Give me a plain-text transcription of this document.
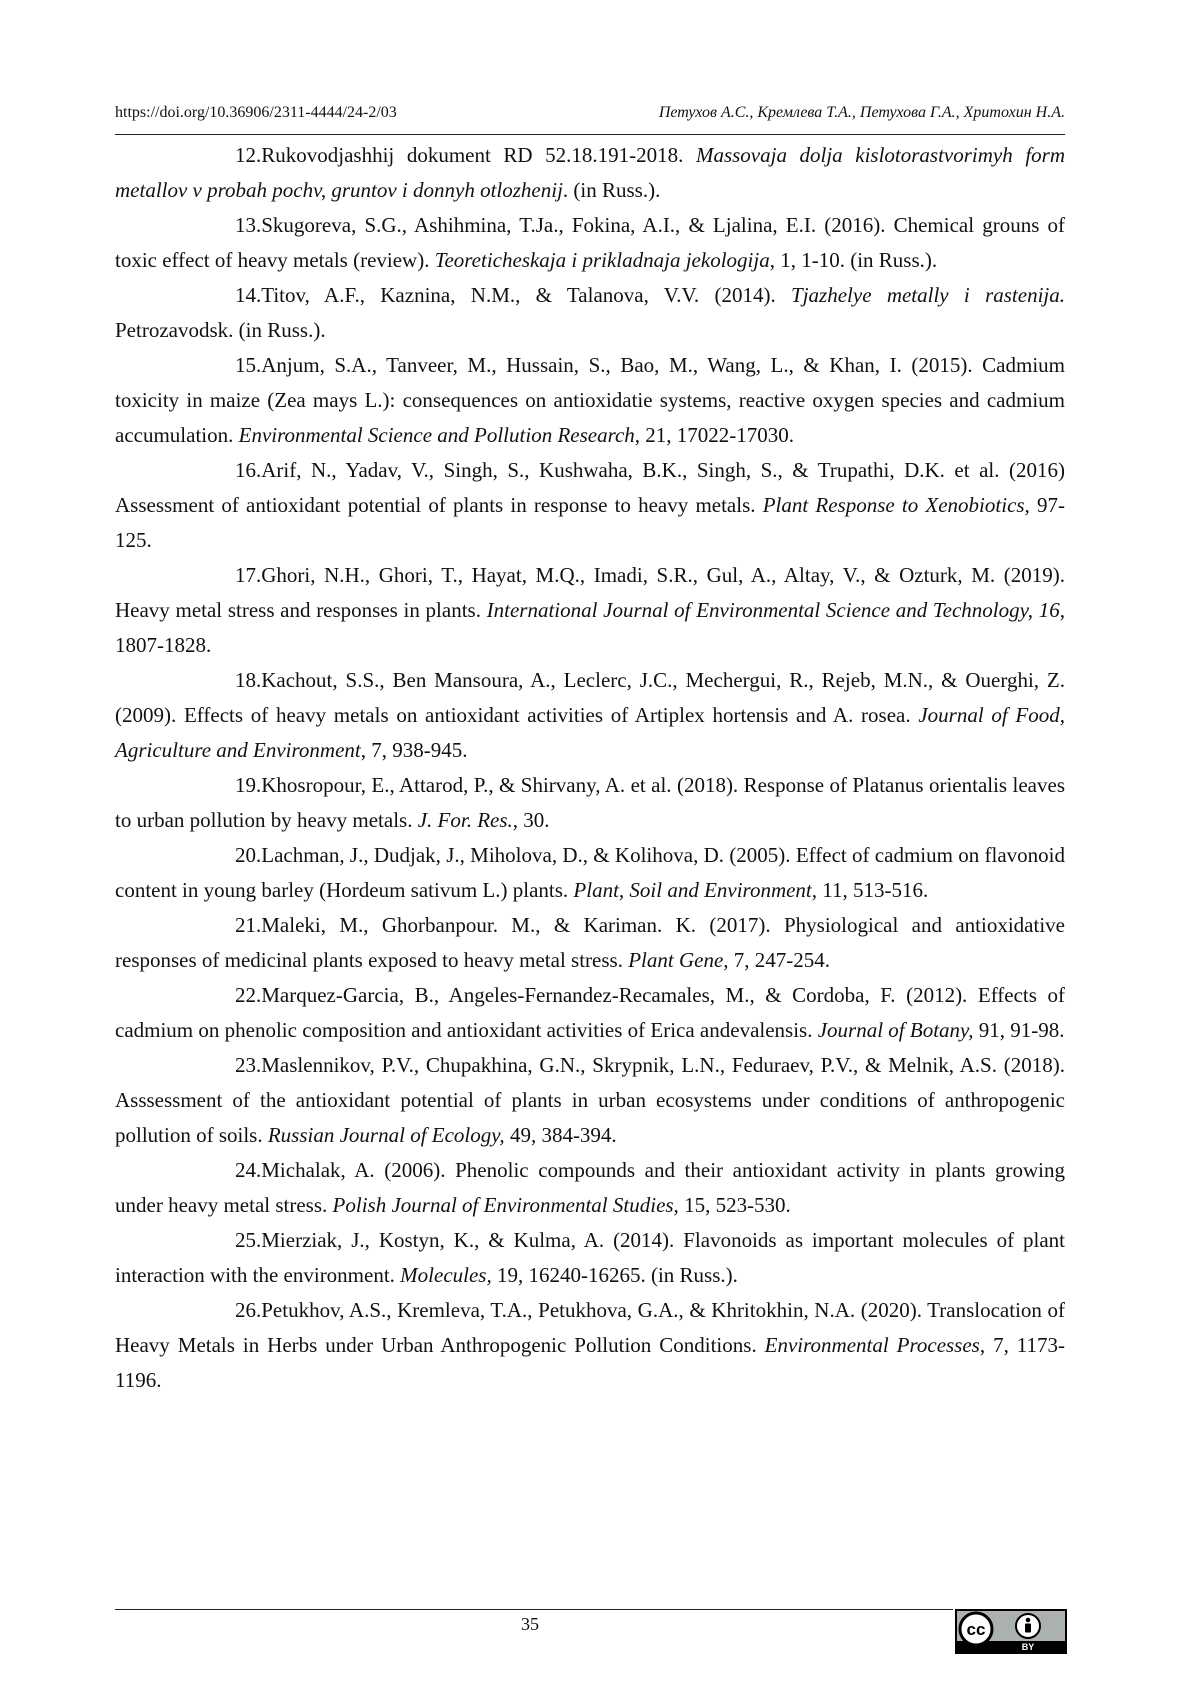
https://doi.org/10.36906/2311-4444/24-2/03	Петухов А.С., Кремлева Т.А., Петухова Г.А., Хритохин Н.А.

12.Rukovodjashhij dokument RD 52.18.191-2018. Massovaja dolja kislotorastvorimyh form metallov v probah pochv, gruntov i donnyh otlozhenij. (in Russ.).

13.Skugoreva, S.G., Ashihmina, T.Ja., Fokina, A.I., & Ljalina, E.I. (2016). Chemical grouns of toxic effect of heavy metals (review). Teoreticheskaja i prikladnaja jekologija, 1, 1-10. (in Russ.).

14.Titov, A.F., Kaznina, N.M., & Talanova, V.V. (2014). Tjazhelye metally i rastenija. Petrozavodsk. (in Russ.).

15.Anjum, S.A., Tanveer, M., Hussain, S., Bao, M., Wang, L., & Khan, I. (2015). Cadmium toxicity in maize (Zea mays L.): consequences on antioxidatie systems, reactive oxygen species and cadmium accumulation. Environmental Science and Pollution Research, 21, 17022-17030.

16.Arif, N., Yadav, V., Singh, S., Kushwaha, B.K., Singh, S., & Trupathi, D.K. et al. (2016) Assessment of antioxidant potential of plants in response to heavy metals. Plant Response to Xenobiotics, 97-125.

17.Ghori, N.H., Ghori, T., Hayat, M.Q., Imadi, S.R., Gul, A., Altay, V., & Ozturk, M. (2019). Heavy metal stress and responses in plants. International Journal of Environmental Science and Technology, 16, 1807-1828.

18.Kachout, S.S., Ben Mansoura, A., Leclerc, J.C., Mechergui, R., Rejeb, M.N., & Ouerghi, Z. (2009). Effects of heavy metals on antioxidant activities of Artiplex hortensis and A. rosea. Journal of Food, Agriculture and Environment, 7, 938-945.

19.Khosropour, E., Attarod, P., & Shirvany, A. et al. (2018). Response of Platanus orientalis leaves to urban pollution by heavy metals. J. For. Res., 30.

20.Lachman, J., Dudjak, J., Miholova, D., & Kolihova, D. (2005). Effect of cadmium on flavonoid content in young barley (Hordeum sativum L.) plants. Plant, Soil and Environment, 11, 513-516.

21.Maleki, M., Ghorbanpour. M., & Kariman. K. (2017). Physiological and antioxidative responses of medicinal plants exposed to heavy metal stress. Plant Gene, 7, 247-254.

22.Marquez-Garcia, B., Angeles-Fernandez-Recamales, M., & Cordoba, F. (2012). Effects of cadmium on phenolic composition and antioxidant activities of Erica andevalensis. Journal of Botany, 91, 91-98.

23.Maslennikov, P.V., Chupakhina, G.N., Skrypnik, L.N., Feduraev, P.V., & Melnik, A.S. (2018). Asssessment of the antioxidant potential of plants in urban ecosystems under conditions of anthropogenic pollution of soils. Russian Journal of Ecology, 49, 384-394.

24.Michalak, A. (2006). Phenolic compounds and their antioxidant activity in plants growing under heavy metal stress. Polish Journal of Environmental Studies, 15, 523-530.

25.Mierziak, J., Kostyn, K., & Kulma, A. (2014). Flavonoids as important molecules of plant interaction with the environment. Molecules, 19, 16240-16265. (in Russ.).

26.Petukhov, A.S., Kremleva, T.A., Petukhova, G.A., & Khritokhin, N.A. (2020). Translocation of Heavy Metals in Herbs under Urban Anthropogenic Pollution Conditions. Environmental Processes, 7, 1173-1196.

35	cc
BY
